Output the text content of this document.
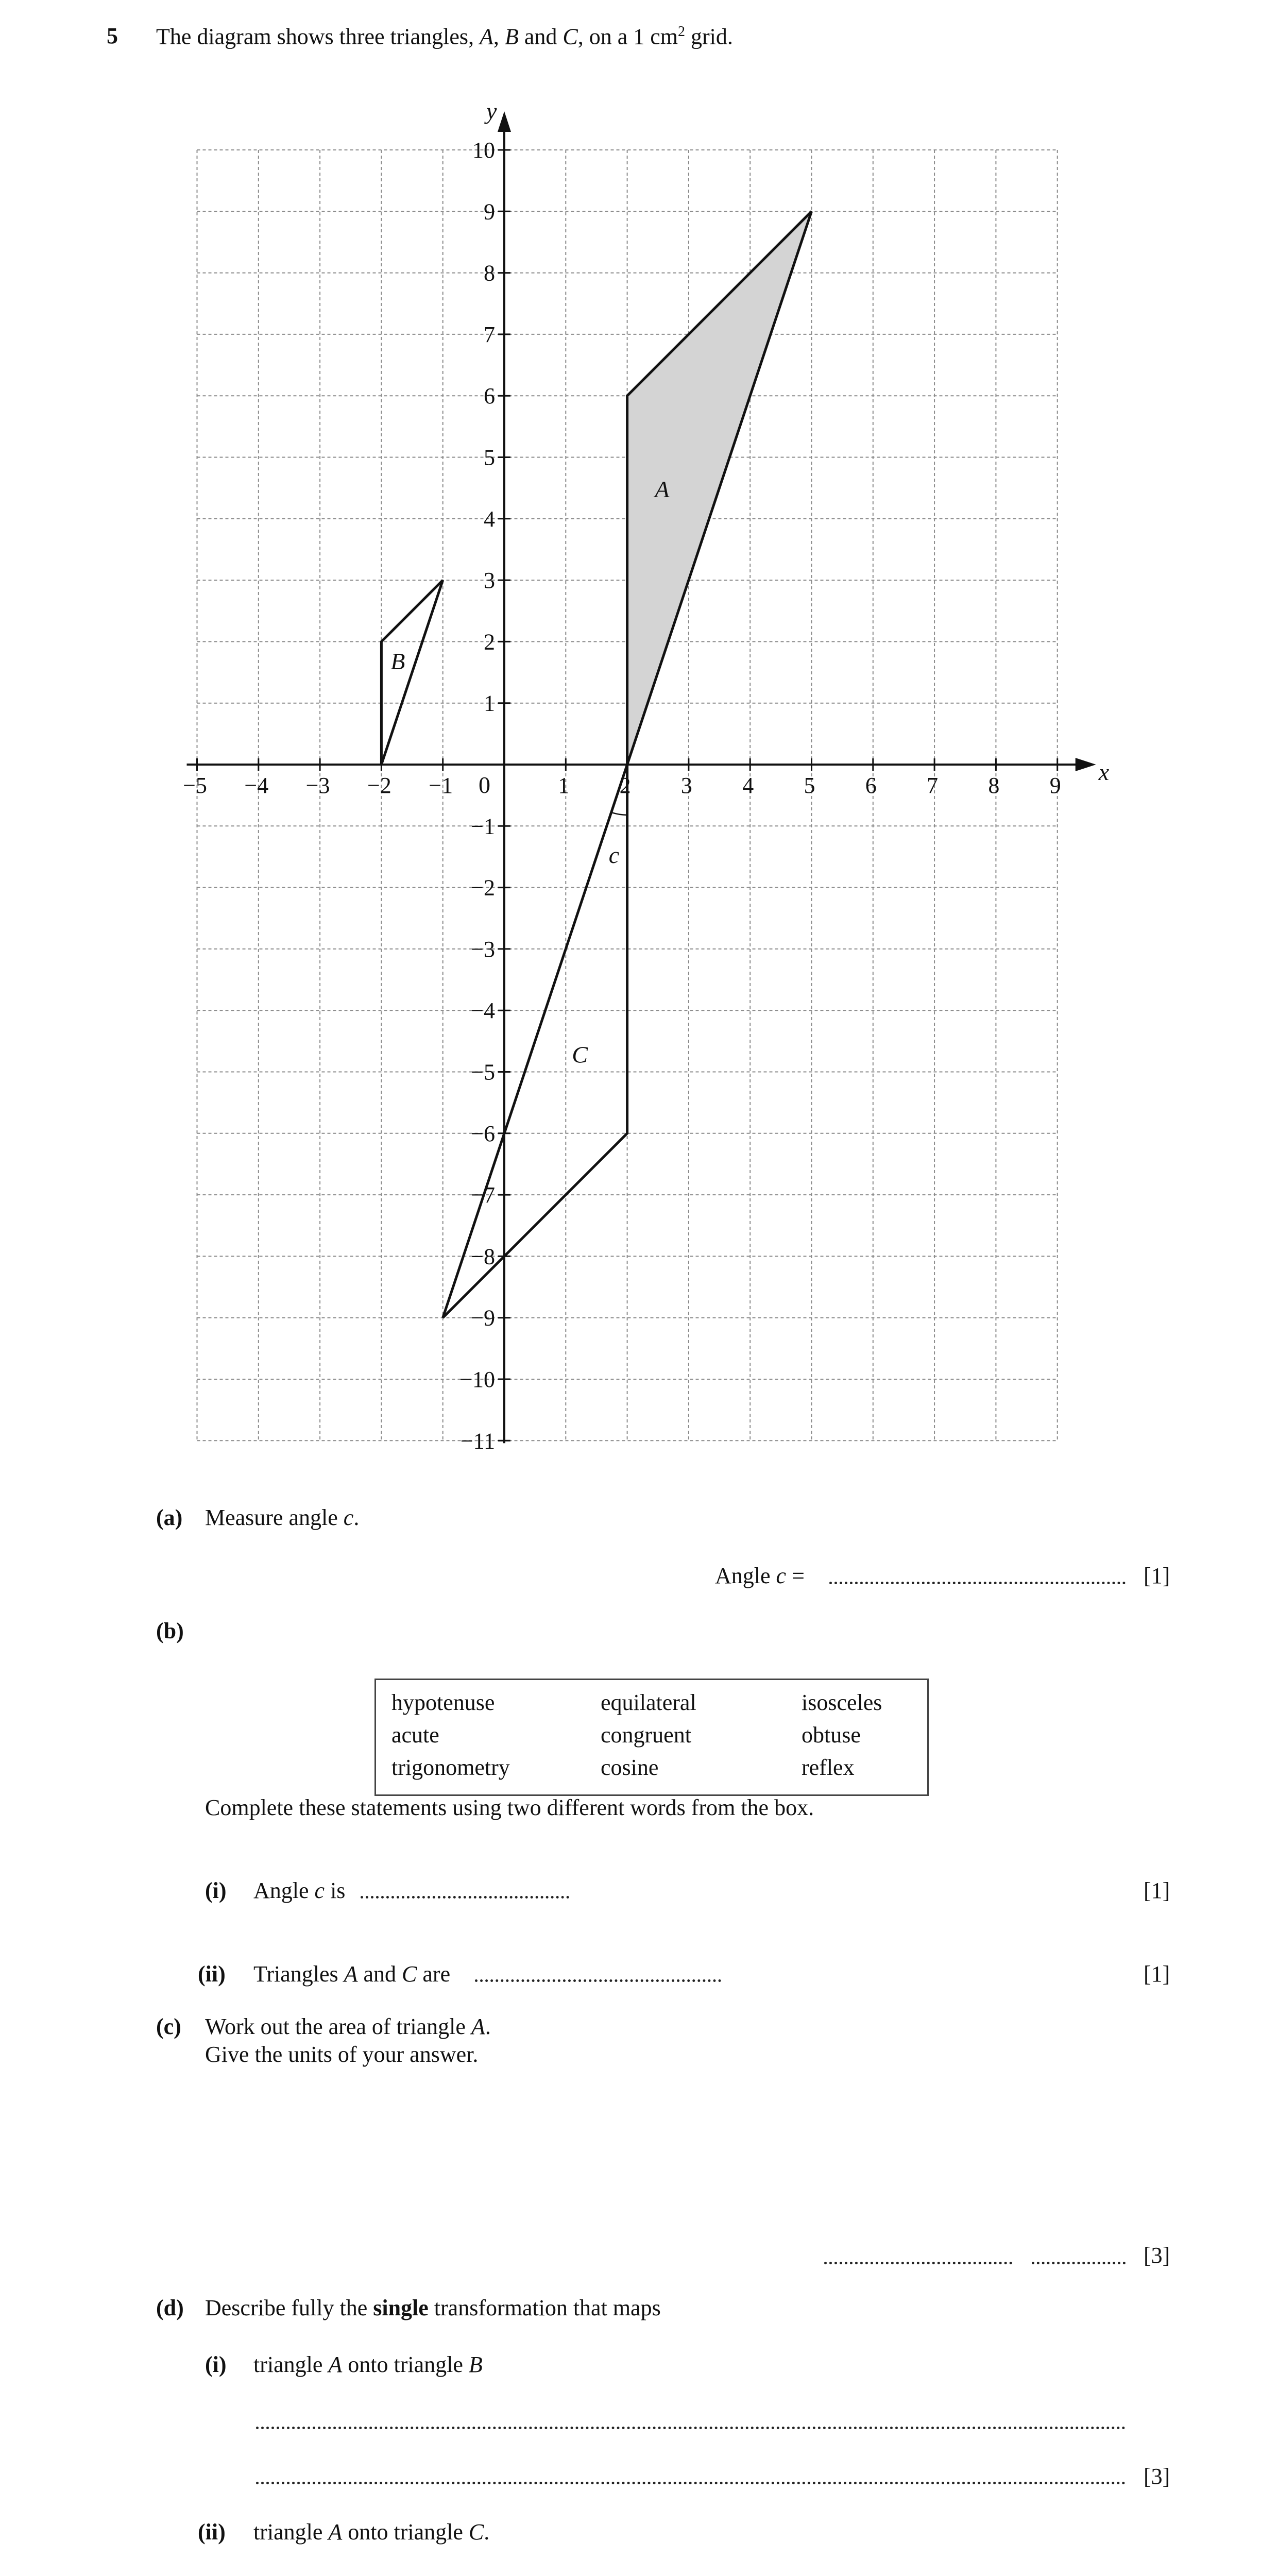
5 The diagram shows three triangles, A, B and C, on a 1 $cm^2$ grid.
−5 −4 −3 −2 −1	1 2 3 4 5 6 7 8 9
10
9
8
7
6
5
4
3
2
1
−1
−2
−3
−4
−5
−6
−7
−8
−9
−10
−11
0	x
y
A
B
C
c
(a) Measure angle c.
Angle c =	[1]
(b)
hypotenuse	equilateral	isosceles
acute	congruent	obtuse
trigonometry	cosine	reflex
Complete these statements using two different words from the box.
(i) Angle c is	[1]
(ii) Triangles A and C are	[1]
(c) Work out the area of triangle A.
Give the units of your answer.
[3]
(d) Describe fully the single transformation that maps
(i) triangle A onto triangle B
[3]
(ii) triangle A onto triangle C.
